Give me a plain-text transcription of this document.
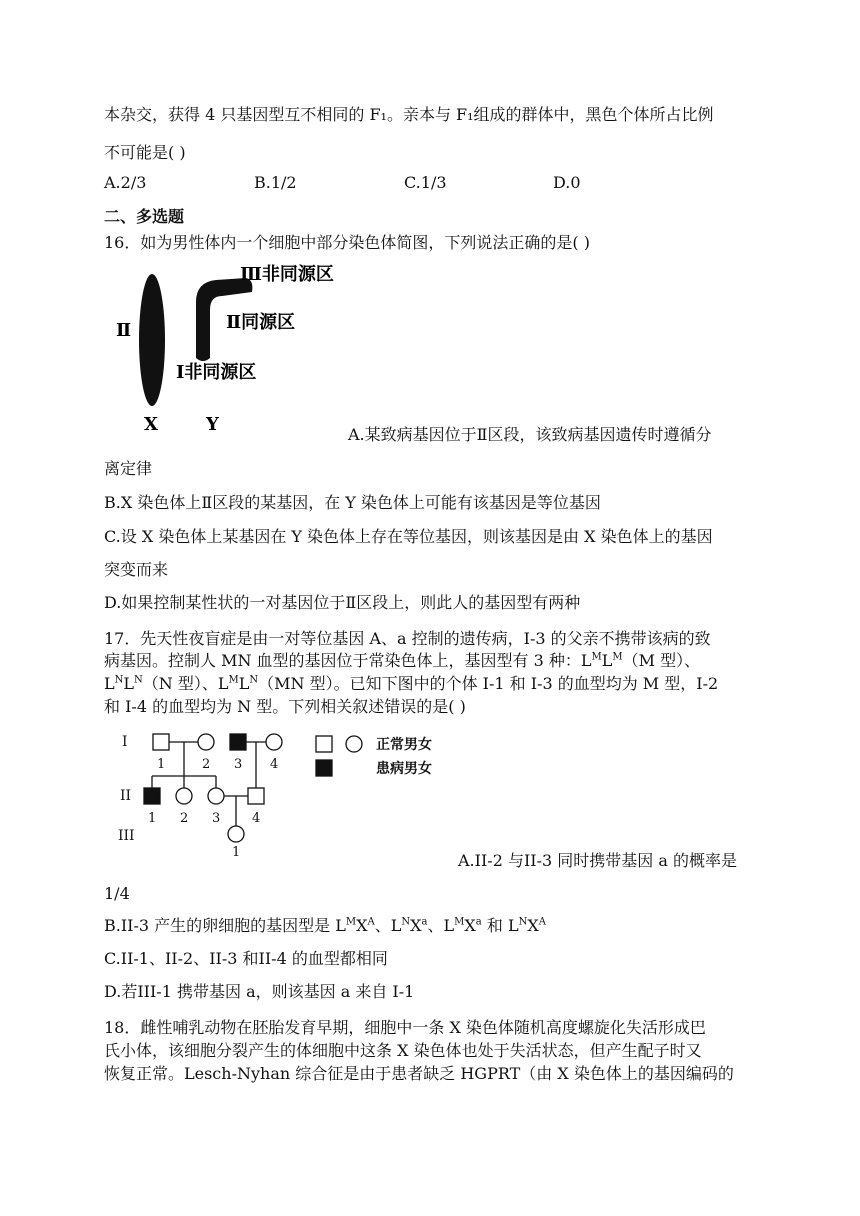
本杂交，获得 4 只基因型互不相同的 F₁。亲本与 F₁组成的群体中，黑色个体所占比例
不可能是( )
A.2/3	B.1/2	C.1/3	D.0
二、多选题
16．如为男性体内一个细胞中部分染色体简图，下列说法正确的是( )
Ⅲ非同源区
Ⅱ	Ⅱ同源区
Ⅰ非同源区
X	Y	A.某致病基因位于Ⅱ区段，该致病基因遗传时遵循分
离定律
B.X 染色体上Ⅱ区段的某基因，在 Y 染色体上可能有该基因是等位基因
C.设 X 染色体上某基因在 Y 染色体上存在等位基因，则该基因是由 X 染色体上的基因
突变而来
D.如果控制某性状的一对基因位于Ⅱ区段上，则此人的基因型有两种
17．先天性夜盲症是由一对等位基因 A、a 控制的遗传病，I-3 的父亲不携带该病的致
病基因。控制人 MN 血型的基因位于常染色体上，基因型有 3 种：$L^ML^M(M$ 型）、
$L^NL^N(N$ 型）、$L^ML^N(MN$ 型）。已知下图中的个体 I-1 和 I-3 的血型均为 M 型，I-2
和 I-4 的血型均为 N 型。下列相关叙述错误的是( )
I
II
III
1	2 3 4
1 2 3 4
1
正常男女
患病男女
A.II-2 与II-3 同时携带基因 a 的概率是
1/4
B.II-3 产生的卵细胞的基因型是 $L^MX^A$、$L^NX^a$、$L^MX^a$ 和 $L^NX^A$
C.II-1、II-2、II-3 和II-4 的血型都相同
D.若III-1 携带基因 a，则该基因 a 来自 I-1
18．雌性哺乳动物在胚胎发育早期，细胞中一条 X 染色体随机高度螺旋化失活形成巴
氏小体，该细胞分裂产生的体细胞中这条 X 染色体也处于失活状态，但产生配子时又
恢复正常。Lesch-Nyhan 综合征是由于患者缺乏 HGPRT（由 X 染色体上的基因编码的
